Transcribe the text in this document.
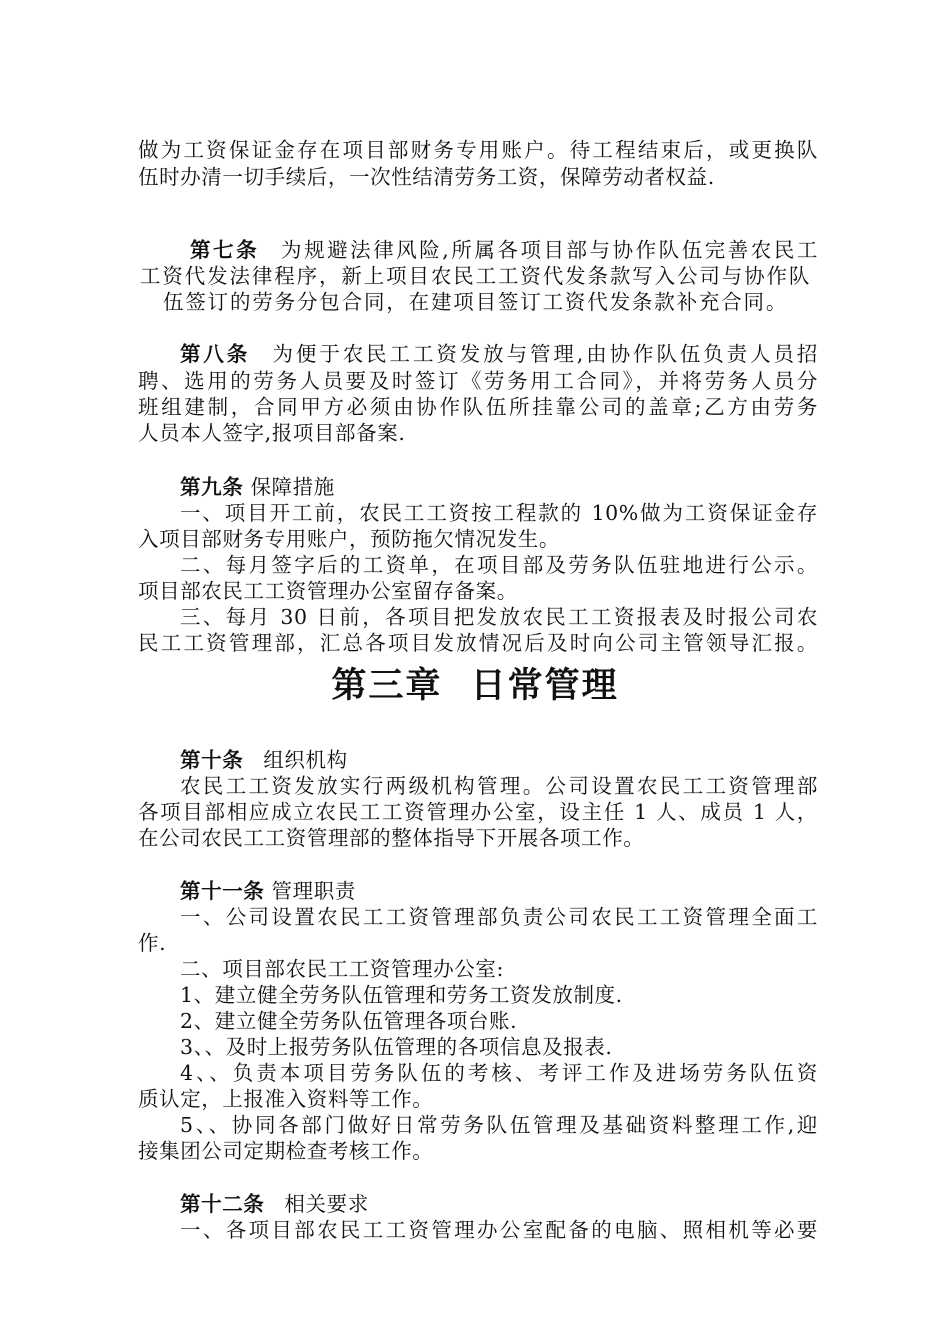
做为工资保证金存在项目部财务专用账户。待工程结束后，或更换队
伍时办清一切手续后，一次性结清劳务工资，保障劳动者权益.
第七条 为规避法律风险,所属各项目部与协作队伍完善农民工
工资代发法律程序，新上项目农民工工资代发条款写入公司与协作队
伍签订的劳务分包合同，在建项目签订工资代发条款补充合同。
第八条 为便于农民工工资发放与管理,由协作队伍负责人员招
聘、选用的劳务人员要及时签订《劳务用工合同》，并将劳务人员分
班组建制，合同甲方必须由协作队伍所挂靠公司的盖章;乙方由劳务
人员本人签字,报项目部备案.
第九条 保障措施
一、项目开工前，农民工工资按工程款的 10%做为工资保证金存
入项目部财务专用账户，预防拖欠情况发生。
二、每月签字后的工资单，在项目部及劳务队伍驻地进行公示。
项目部农民工工资管理办公室留存备案。
三、每月 30 日前，各项目把发放农民工工资报表及时报公司农
民工工资管理部，汇总各项目发放情况后及时向公司主管领导汇报。
第三章  日常管理
第十条 组织机构
农民工工资发放实行两级机构管理。公司设置农民工工资管理部
各项目部相应成立农民工工资管理办公室，设主任 1 人、成员 1 人，
在公司农民工工资管理部的整体指导下开展各项工作。
第十一条 管理职责
一、公司设置农民工工资管理部负责公司农民工工资管理全面工
作.
二、项目部农民工工资管理办公室:
1、建立健全劳务队伍管理和劳务工资发放制度.
2、建立健全劳务队伍管理各项台账.
3、、及时上报劳务队伍管理的各项信息及报表.
4、、负责本项目劳务队伍的考核、考评工作及进场劳务队伍资
质认定，上报准入资料等工作。
5、、协同各部门做好日常劳务队伍管理及基础资料整理工作,迎
接集团公司定期检查考核工作。
第十二条 相关要求
一、各项目部农民工工资管理办公室配备的电脑、照相机等必要
